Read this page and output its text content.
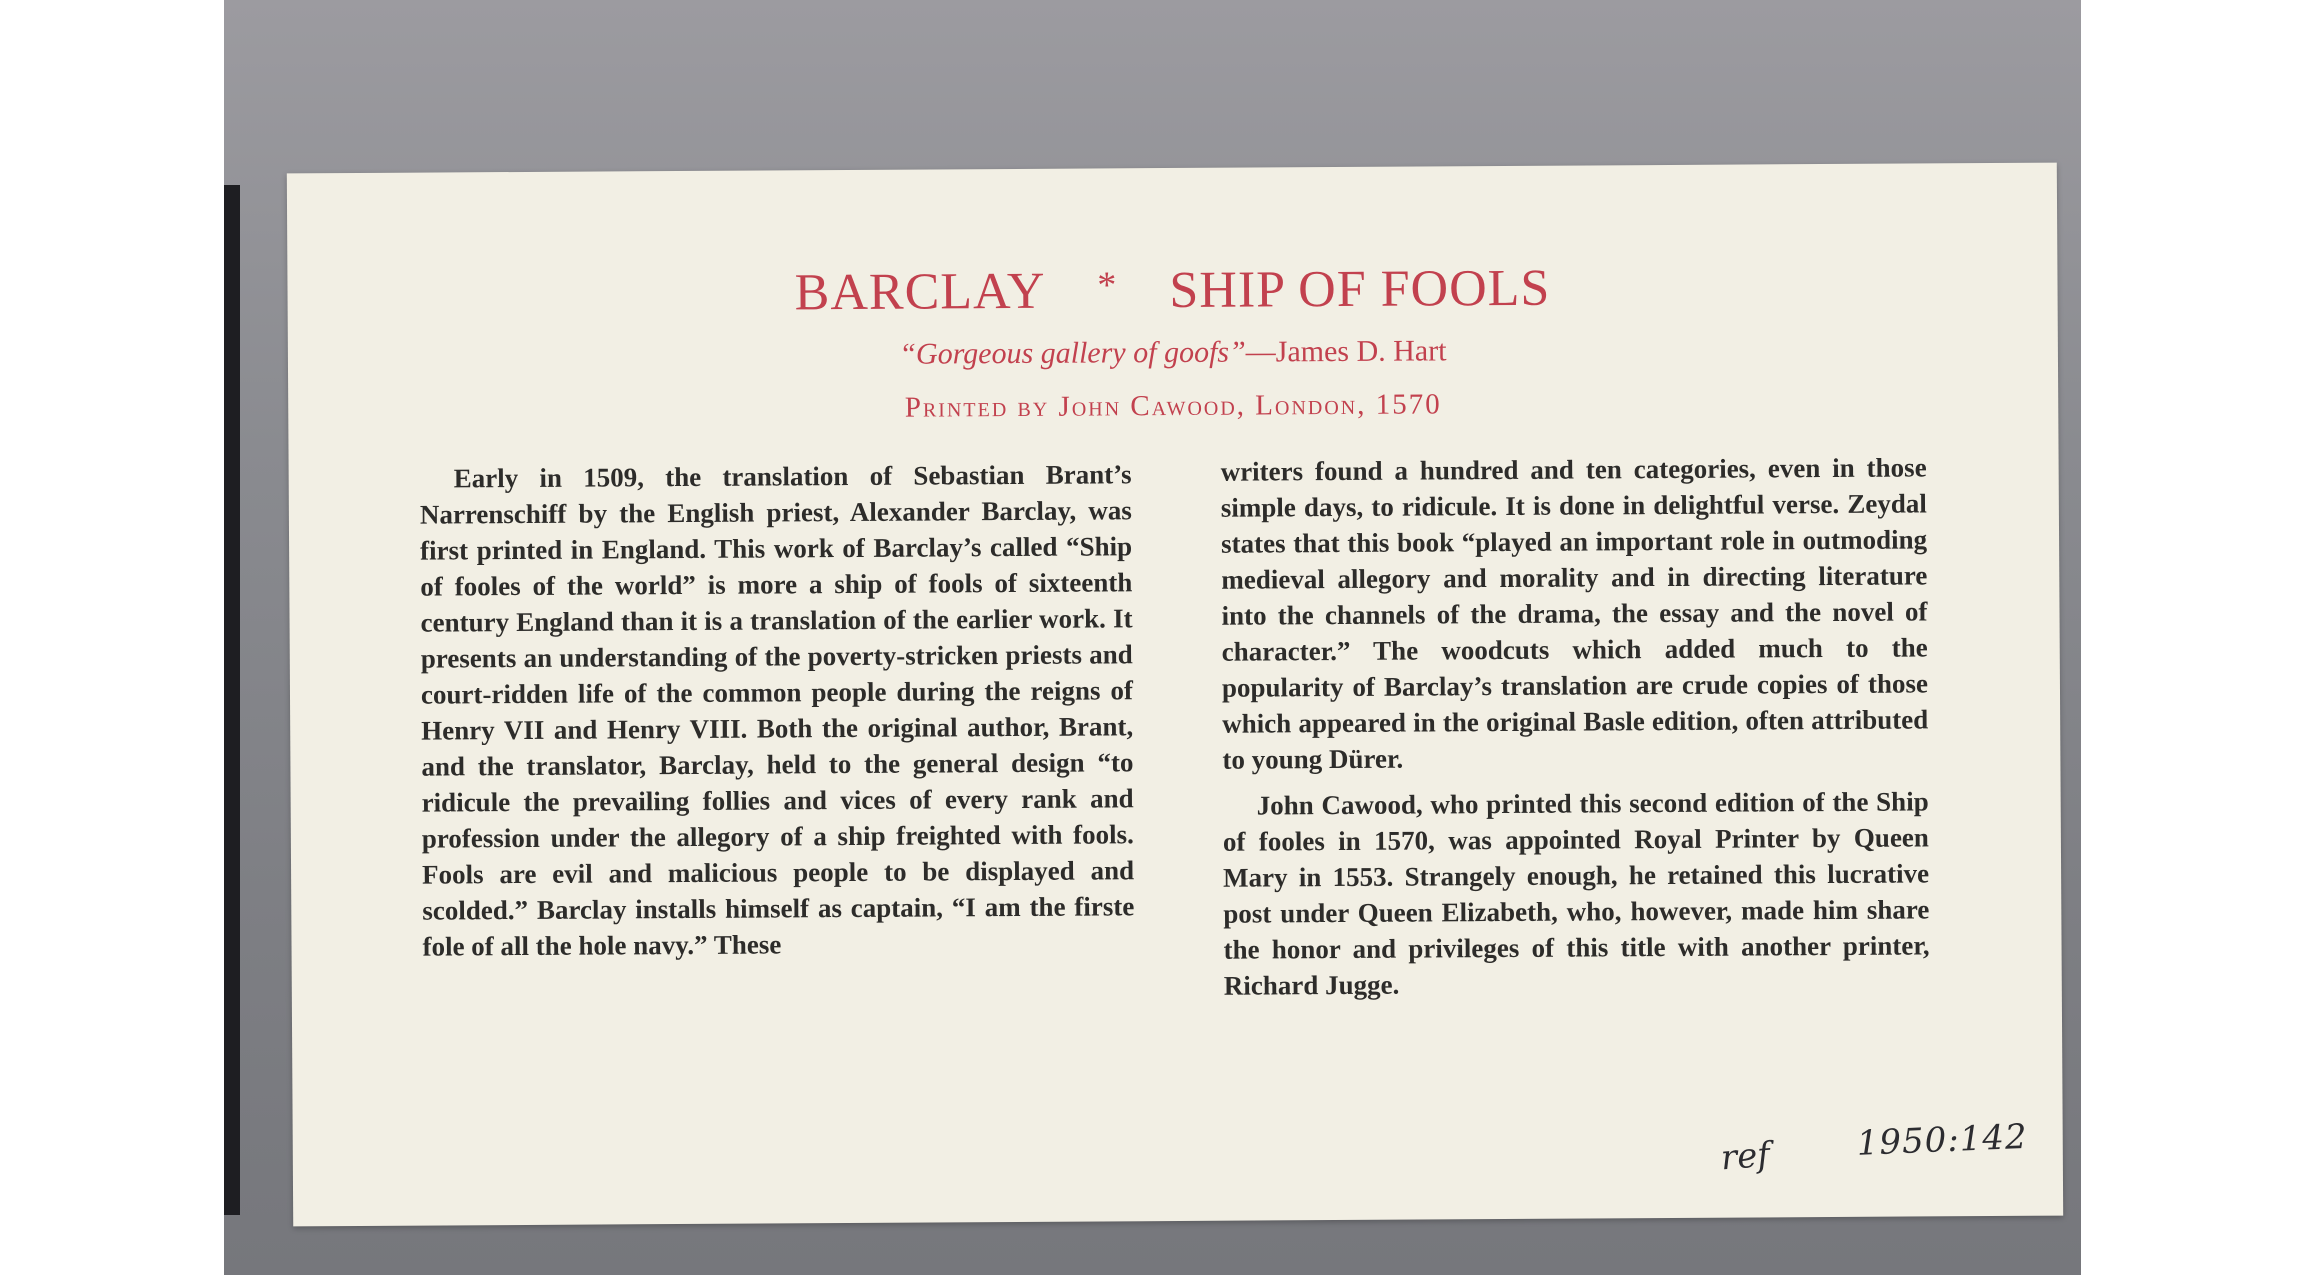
BARCLAY * SHIP OF FOOLS
“Gorgeous gallery of goofs”—James D. Hart
Printed by John Cawood, London, 1570

Early in 1509, the translation of Sebastian Brant’s Narrenschiff by the English priest, Alexander Barclay, was first printed in England. This work of Barclay’s called “Ship of fooles of the world” is more a ship of fools of sixteenth century England than it is a translation of the earlier work. It presents an understanding of the poverty-stricken priests and court-ridden life of the common people during the reigns of Henry VII and Henry VIII. Both the original author, Brant, and the translator, Barclay, held to the general design “to ridicule the prevailing follies and vices of every rank and profession under the allegory of a ship freighted with fools. Fools are evil and malicious people to be displayed and scolded.” Barclay installs himself as captain, “I am the firste fole of all the hole navy.” These

writers found a hundred and ten categories, even in those simple days, to ridicule. It is done in delightful verse. Zeydal states that this book “played an important role in outmoding medieval allegory and morality and in directing literature into the channels of the drama, the essay and the novel of character.” The woodcuts which added much to the popularity of Barclay’s translation are crude copies of those which appeared in the original Basle edition, often attributed to young Dürer.

John Cawood, who printed this second edition of the Ship of fooles in 1570, was appointed Royal Printer by Queen Mary in 1553. Strangely enough, he retained this lucrative post under Queen Elizabeth, who, however, made him share the honor and privileges of this title with another printer, Richard Jugge.

ref 1950:142
